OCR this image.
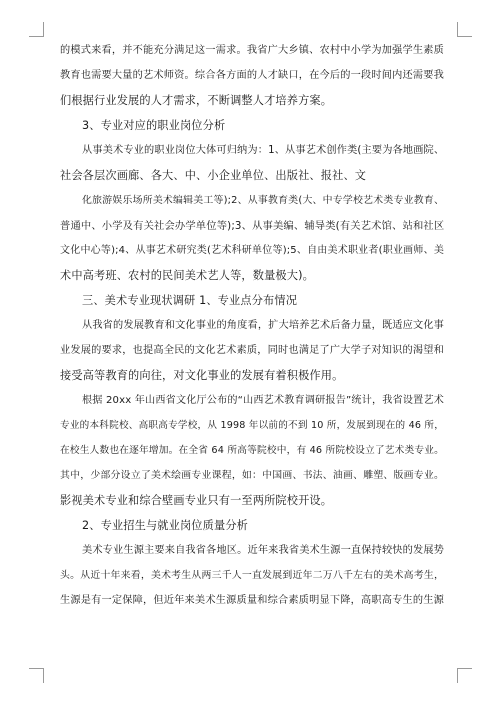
的模式来看，并不能充分满足这一需求。我省广大乡镇、农村中小学为加强学生素质
教育也需要大量的艺术师资。综合各方面的人才缺口，在今后的一段时间内还需要我
们根据行业发展的人才需求，不断调整人才培养方案。
3、专业对应的职业岗位分析
从事美术专业的职业岗位大体可归纳为：1、从事艺术创作类(主要为各地画院、
社会各层次画廊、各大、中、小企业单位、出版社、报社、文
化旅游娱乐场所美术编辑美工等);2、从事教育类(大、中专学校艺术类专业教育、
普通中、小学及有关社会办学单位等);3、从事美编、辅导类(有关艺术馆、站和社区
文化中心等);4、从事艺术研究类(艺术科研单位等);5、自由美术职业者(职业画师、美
术中高考班、农村的民间美术艺人等，数量极大)。
三、美术专业现状调研 1、专业点分布情况
从我省的发展教育和文化事业的角度看，扩大培养艺术后备力量，既适应文化事
业发展的要求，也提高全民的文化艺术素质，同时也满足了广大学子对知识的渴望和
接受高等教育的向往，对文化事业的发展有着积极作用。
根据 20xx 年山西省文化厅公布的“山西艺术教育调研报告”统计，我省设置艺术
专业的本科院校、高职高专学校，从 1998 年以前的不到 10 所，发展到现在的 46 所，
在校生人数也在逐年增加。在全省 64 所高等院校中，有 46 所院校设立了艺术类专业。
其中，少部分设立了美术绘画专业课程，如：中国画、书法、油画、雕塑、版画专业。
影视美术专业和综合壁画专业只有一至两所院校开设。
2、专业招生与就业岗位质量分析
美术专业生源主要来自我省各地区。近年来我省美术生源一直保持较快的发展势
头。从近十年来看，美术考生从两三千人一直发展到近年二万八千左右的美术高考生，
生源是有一定保障，但近年来美术生源质量和综合素质明显下降，高职高专生的生源
